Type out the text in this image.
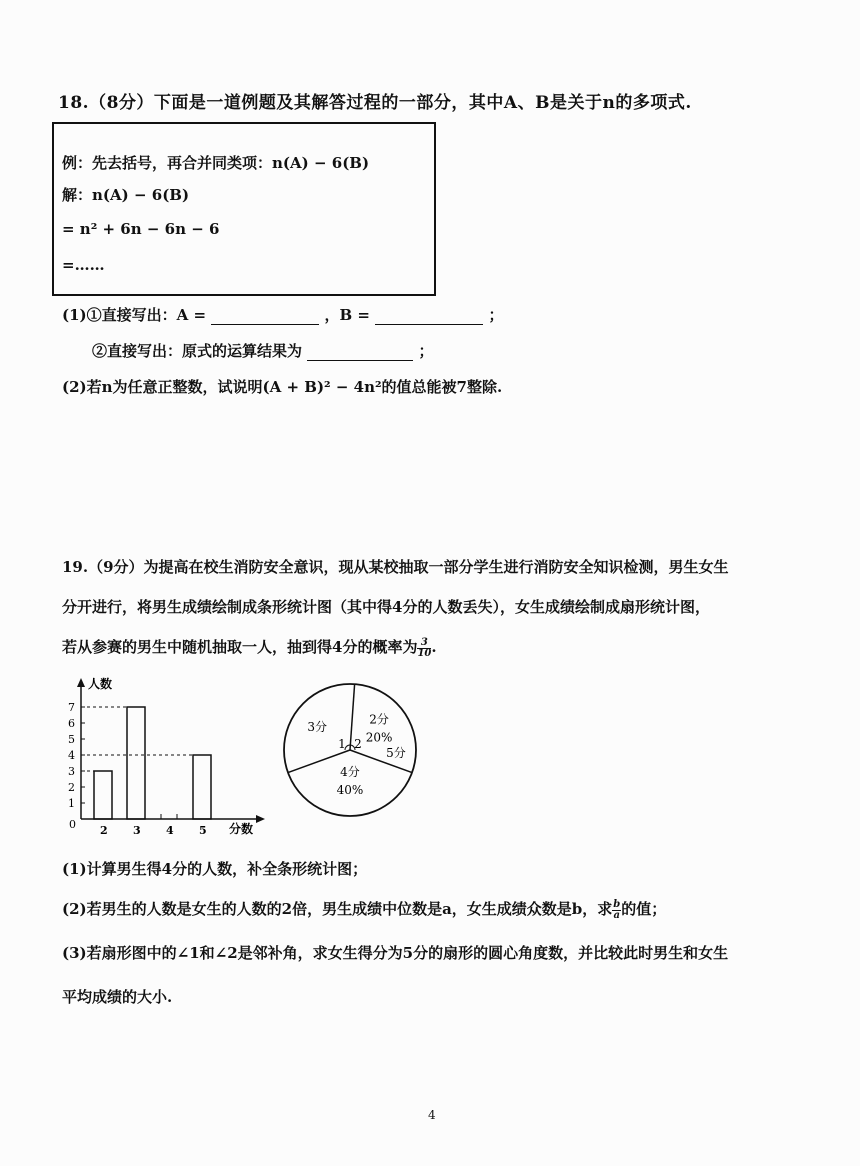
18.（8分）下面是一道例题及其解答过程的一部分，其中A、B是关于n的多项式.
例：先去括号，再合并同类项：n(A) − 6(B)
解：n(A) − 6(B)
= n² + 6n − 6n − 6
=……
(1)①直接写出：A =	，B =	；
②直接写出：原式的运算结果为	；
(2)若n为任意正整数，试说明(A + B)² − 4n²的值总能被7整除.
19.（9分）为提高在校生消防安全意识，现从某校抽取一部分学生进行消防安全知识检测，男生女生
分开进行，将男生成绩绘制成条形统计图（其中得4分的人数丢失），女生成绩绘制成扇形统计图，
若从参赛的男生中随机抽取一人，抽到得4分的概率为 $\frac{3}{10}$ .
人数
分数
0
1
2
3
4
5
6
7
2 3 4 5
2分
20%
3分
4分
40%
5分
1 2
(1)计算男生得4分的人数，补全条形统计图；
(2)若男生的人数是女生的人数的2倍，男生成绩中位数是a，女生成绩众数是b，求 $\frac{b}{a}$ 的值；
(3)若扇形图中的∠1和∠2是邻补角，求女生得分为5分的扇形的圆心角度数，并比较此时男生和女生
平均成绩的大小.
4
